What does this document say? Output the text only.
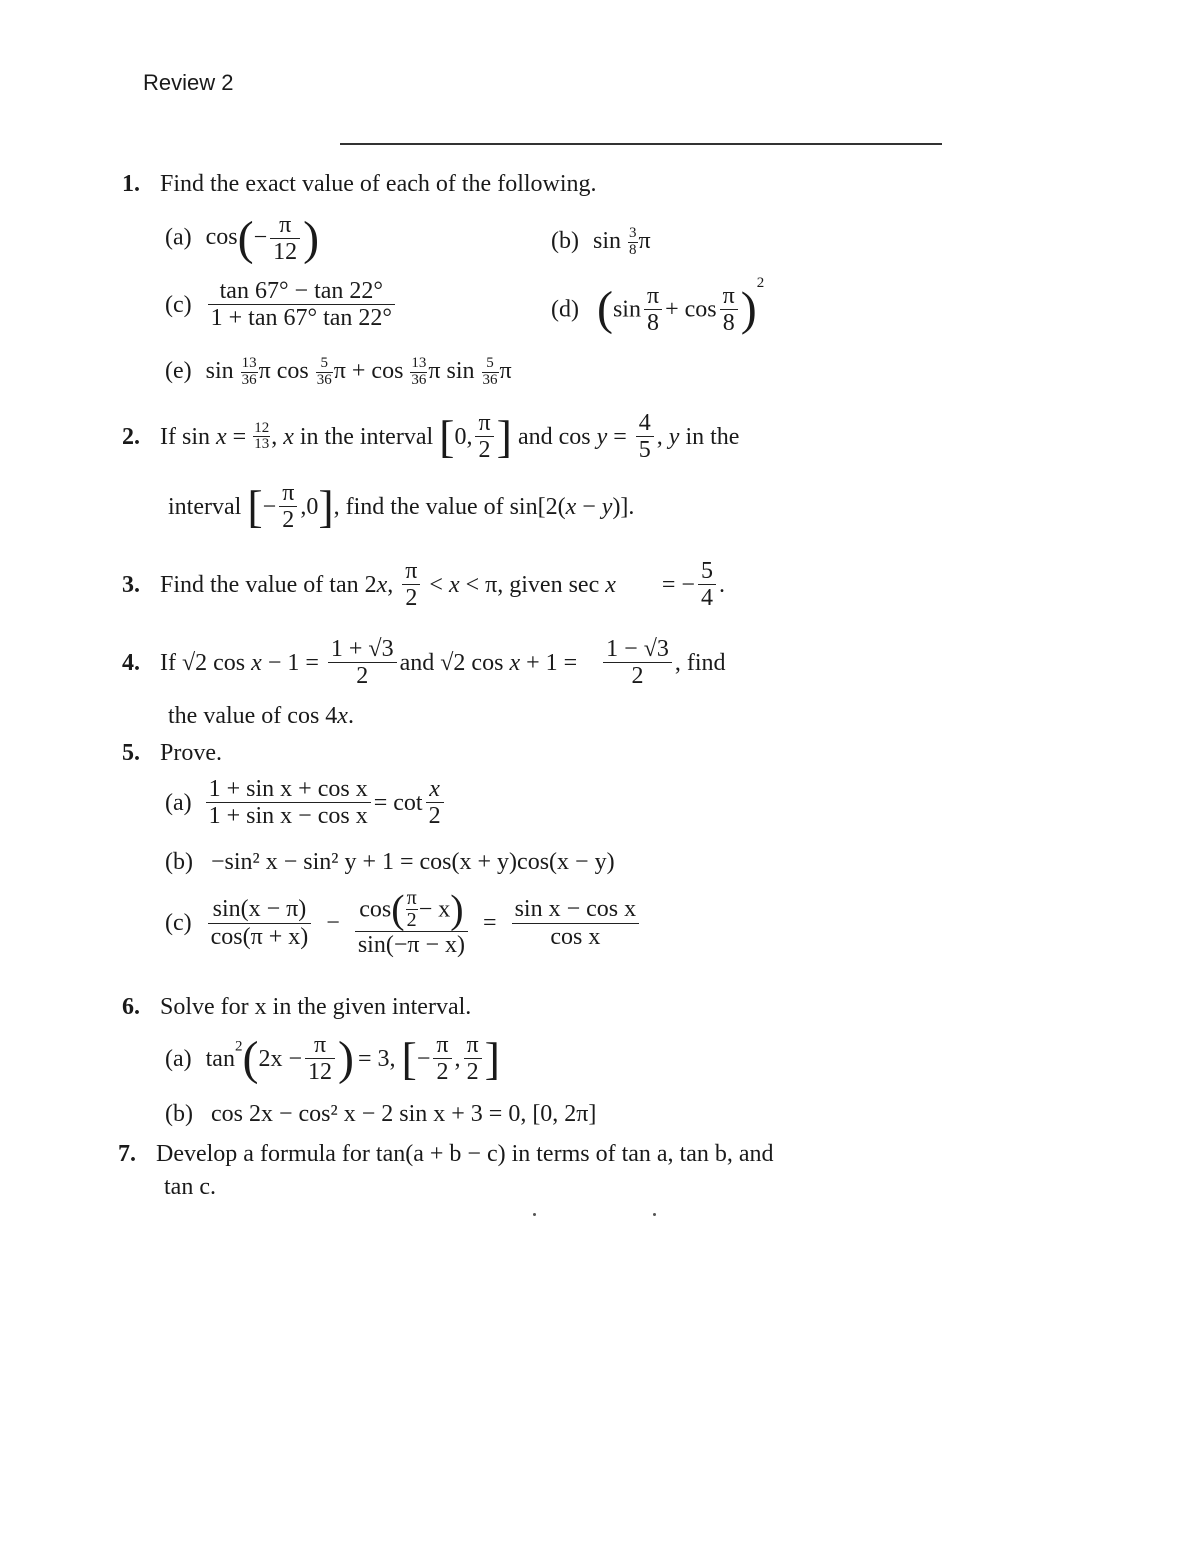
Review 2
1. Find the exact value of each of the following.
(a) $\cos(- \frac{\pi}{12}$ )	(b) $\sin \frac{3}{8}$ π
$(c) \frac{\tan 67^\circ - \tan 22^\circ}{1 + \tan 67^\circ \tan 22^\circ}$	(d) $(\sin \frac{\pi}{8} + \cos \frac{\pi}{8} )^2$
(e) $\sin \frac{13}{36}$ π $\cos \frac{5}{36}$ $\pi + \cos \frac{13}{36}$ π $\sin \frac{5}{36}$ π
2. If $\sin x = \frac{12}{13}$ , x in the interval [0, $\frac{\pi}{2}$ ] and $\cos y = \frac{4}{5}$ , y in the
interval [− $\frac{\pi}{2} ,0$], find the value of sin[2(x − y)].
3. Find the value of tan 2x, $\frac{\pi}{2} < x < \pi$, given sec x = − $\frac{5}{4}$ .
4. If √2 $\cos x - 1 = \frac{1 + √3}{2}$ and √2 $\cos x + 1 = \frac{1 - √3}{2}$ , find
the value of cos 4x.
5. Prove.
$(a) \frac{\text{1 + sin x + cos x}}{\text{1 + sin x − cos x}} = \cot \frac{x}{2}$
(b) −sin² x − sin² y + 1 = cos(x + y)cos(x − y)
$(c) \frac{\sin(x - \pi)}{\cos(\pi + x)} - \frac{\cos( \frac{\pi}{2} - x)}{\sin(-\pi - x)} = \frac{\text{sin x − cos x}}{\text{cos x}}$
6. Solve for x in the given interval.
(a) $\tan^2(2x - \frac{\pi}{12}$ ) = 3, [− $\frac{\pi}{2}$ , $\frac{\pi}{2}$ ]
(b) cos 2x − cos² x − 2 sin x + 3 = 0, [0, 2π]
7. Develop a formula for tan(a + b − c) in terms of tan a, tan b, and
tan c.
